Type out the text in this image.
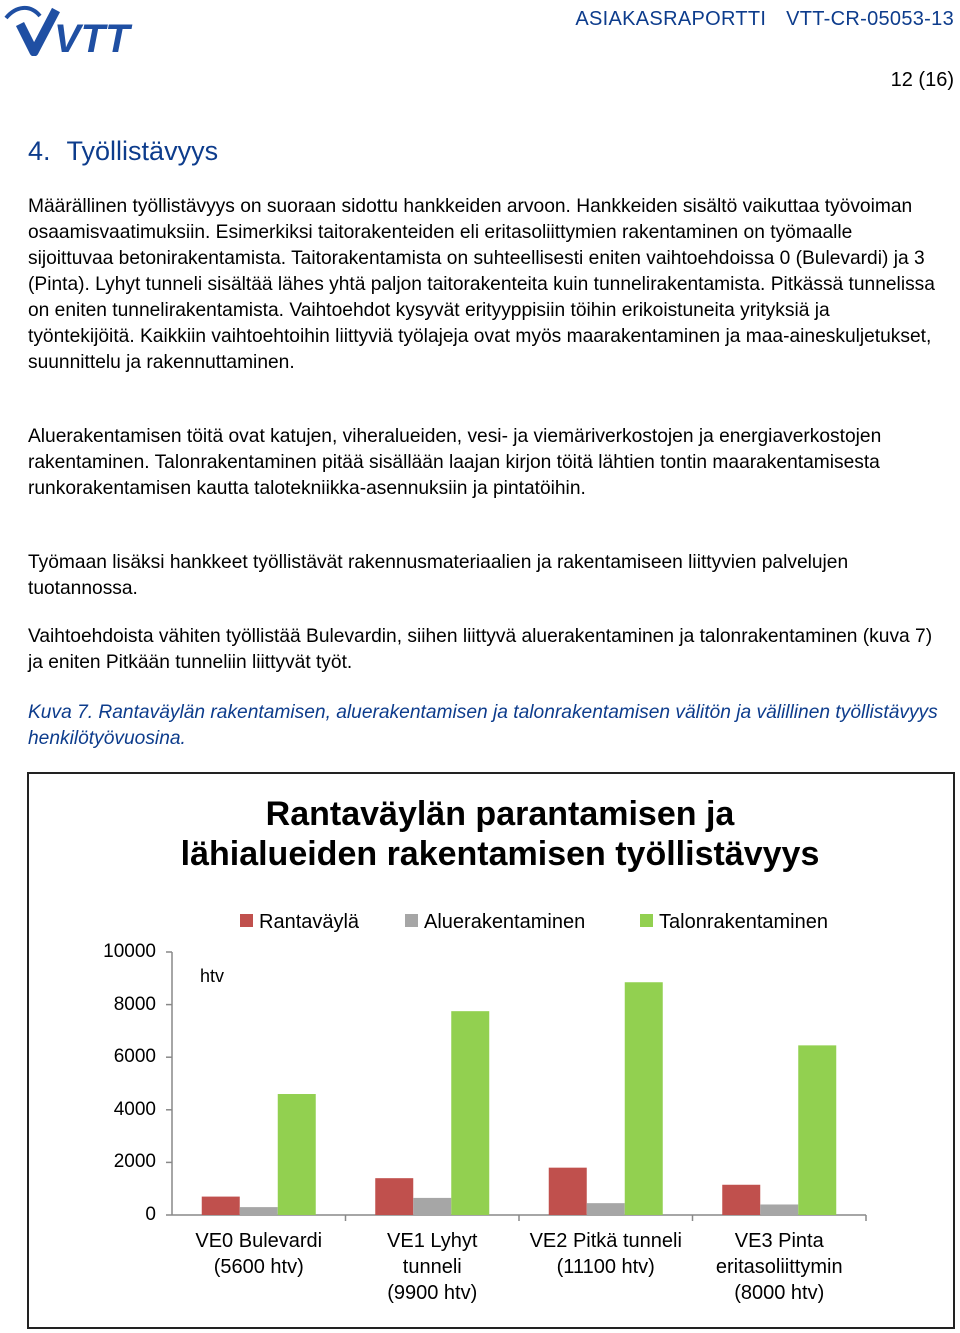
VTT	ASIAKASRAPORTTI VTT-CR-05053-13
12 (16)
4. Työllistävyys

Määrällinen työllistävyys on suoraan sidottu hankkeiden arvoon. Hankkeiden sisältö vaikuttaa työvoiman osaamisvaatimuksiin. Esimerkiksi taitorakenteiden eli eritasoliittymien rakentaminen on työmaalle sijoittuvaa betonirakentamista. Taitorakentamista on suhteellisesti eniten vaihtoehdoissa 0 (Bulevardi) ja 3 (Pinta). Lyhyt tunneli sisältää lähes yhtä paljon taitorakenteita kuin tunnelirakentamista. Pitkässä tunnelissa on eniten tunnelirakentamista. Vaihtoehdot kysyvät erityyppisiin töihin erikoistuneita yrityksiä ja työntekijöitä. Kaikkiin vaihtoehtoihin liittyviä työlajeja ovat myös maarakentaminen ja maa-aineskuljetukset, suunnittelu ja rakennuttaminen.

Aluerakentamisen töitä ovat katujen, viheralueiden, vesi- ja viemäriverkostojen ja energiaverkostojen rakentaminen. Talonrakentaminen pitää sisällään laajan kirjon töitä lähtien tontin maarakentamisesta runkorakentamisen kautta talotekniikka-asennuksiin ja pintatöihin.

Työmaan lisäksi hankkeet työllistävät rakennusmateriaalien ja rakentamiseen liittyvien palvelujen tuotannossa.

Vaihtoehdoista vähiten työllistää Bulevardin, siihen liittyvä aluerakentaminen ja talonrakentaminen (kuva 7) ja eniten Pitkään tunneliin liittyvät työt.

Kuva 7. Rantaväylän rakentamisen, aluerakentamisen ja talonrakentamisen välitön ja välillinen työllistävyys henkilötyövuosina.

Rantaväylän parantamisen ja
lähialueiden rakentamisen työllistävyys
Rantaväylä	Aluerakentaminen	Talonrakentaminen
htv
0
2000
4000
6000
8000
10000
VE0 Bulevardi
(5600 htv)
VE1 Lyhyt
tunneli
(9900 htv)
VE2 Pitkä tunneli
(11100 htv)
VE3 Pinta
eritasoliittymin
(8000 htv)
